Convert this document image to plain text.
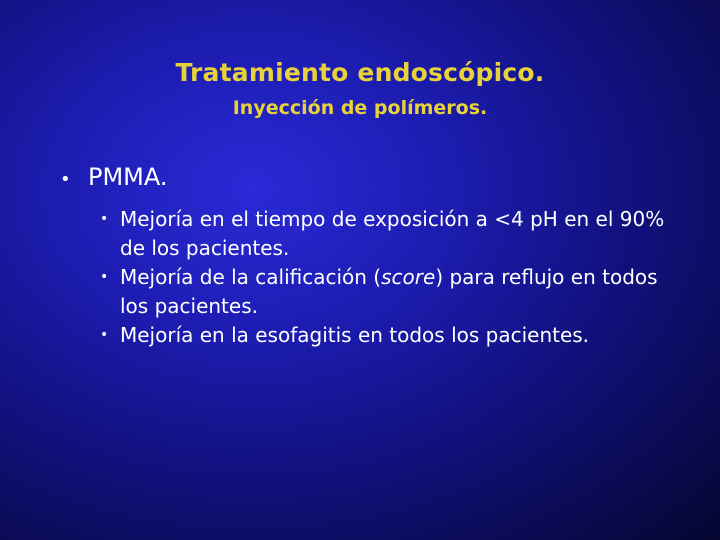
Tratamiento endoscópico.
Inyección de polímeros.
• PMMA.
• Mejoría en el tiempo de exposición a <4 pH en el 90% de los pacientes.
• Mejoría de la calificación (score) para reflujo en todos los pacientes.
• Mejoría en la esofagitis en todos los pacientes.
